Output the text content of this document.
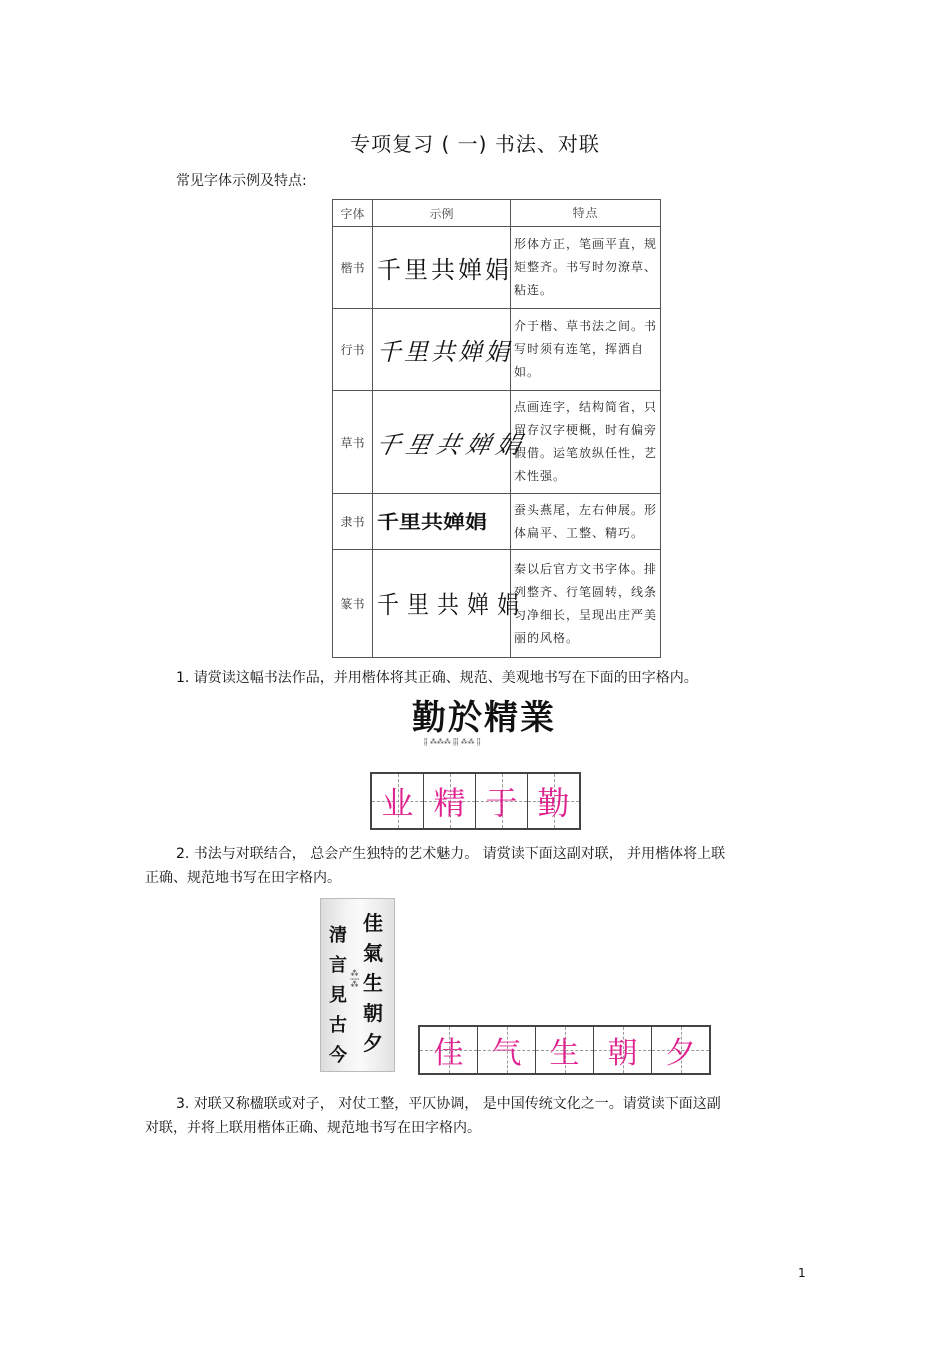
专项复习 ( 一) 书法、对联
常见字体示例及特点:
字体	示例	特点
楷书	千里共婵娟	形体方正，笔画平直，规矩整齐。书写时勿潦草、粘连。
行书	千里共婵娟	介于楷、草书法之间。书写时须有连笔，挥洒自如。
草书	千里共婵娟	点画连字，结构简省，只留存汉字梗概，时有偏旁假借。运笔放纵任性，艺术性强。
隶书	千里共婵娟	蚕头燕尾，左右伸展。形体扁平、工整、精巧。
篆书	千里共婵娟	秦以后官方文书字体。排列整齐、行笔圆转，线条匀净细长，呈现出庄严美丽的风格。
1. 请赏读这幅书法作品，并用楷体将其正确、规范、美观地书写在下面的田字格内。
勤於精業
⸽⸽ ⁂⁂⁂ ⸽⸽⸽ ⁂⁂ ⸽⸽
业 精 于 勤
2. 书法与对联结合， 总会产生独特的艺术魅力。 请赏读下面这副对联， 并用楷体将上联
正确、规范地书写在田字格内。
佳
氣
生
朝
夕
清
言
見
古
今
⁂⸽⁂
佳 气 生 朝 夕
3. 对联又称楹联或对子， 对仗工整，平仄协调， 是中国传统文化之一。请赏读下面这副
对联，并将上联用楷体正确、规范地书写在田字格内。
1
